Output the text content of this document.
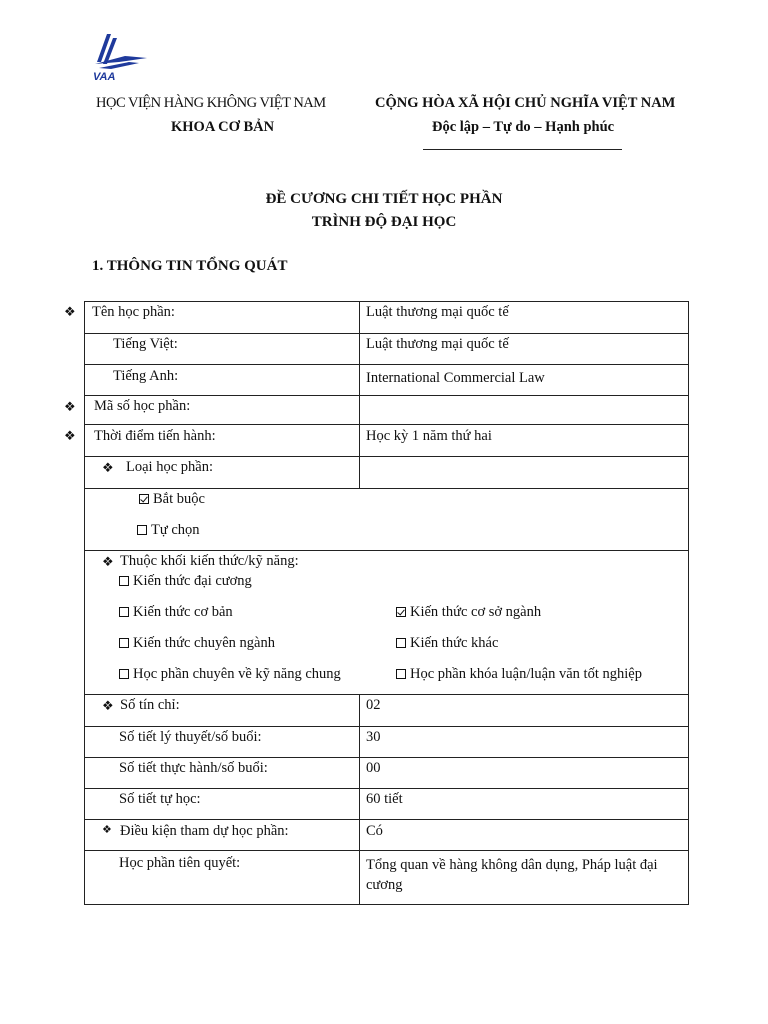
VAA
HỌC VIỆN HÀNG KHÔNG VIỆT NAM
KHOA CƠ BẢN
CỘNG HÒA XÃ HỘI CHỦ NGHĨA VIỆT NAM
Độc lập – Tự do – Hạnh phúc
ĐỀ CƯƠNG CHI TIẾT HỌC PHẦN
TRÌNH ĐỘ ĐẠI HỌC
1. THÔNG TIN TỔNG QUÁT
❖ Tên học phần:	Luật thương mại quốc tế
Tiếng Việt:	Luật thương mại quốc tế
Tiếng Anh:	International Commercial Law
❖ Mã số học phần:
❖ Thời điểm tiến hành:	Học kỳ 1 năm thứ hai
❖ Loại học phần:
Bắt buộc
Tự chọn
❖ Thuộc khối kiến thức/kỹ năng:
Kiến thức đại cương
Kiến thức cơ bản	Kiến thức cơ sở ngành
Kiến thức chuyên ngành	Kiến thức khác
Học phần chuyên về kỹ năng chung	Học phần khóa luận/luận văn tốt nghiệp
❖ Số tín chỉ:	02
Số tiết lý thuyết/số buổi:	30
Số tiết thực hành/số buổi:	00
Số tiết tự học:	60 tiết
❖ Điều kiện tham dự học phần:	Có
Học phần tiên quyết:	Tổng quan về hàng không dân dụng, Pháp luật đại cương
